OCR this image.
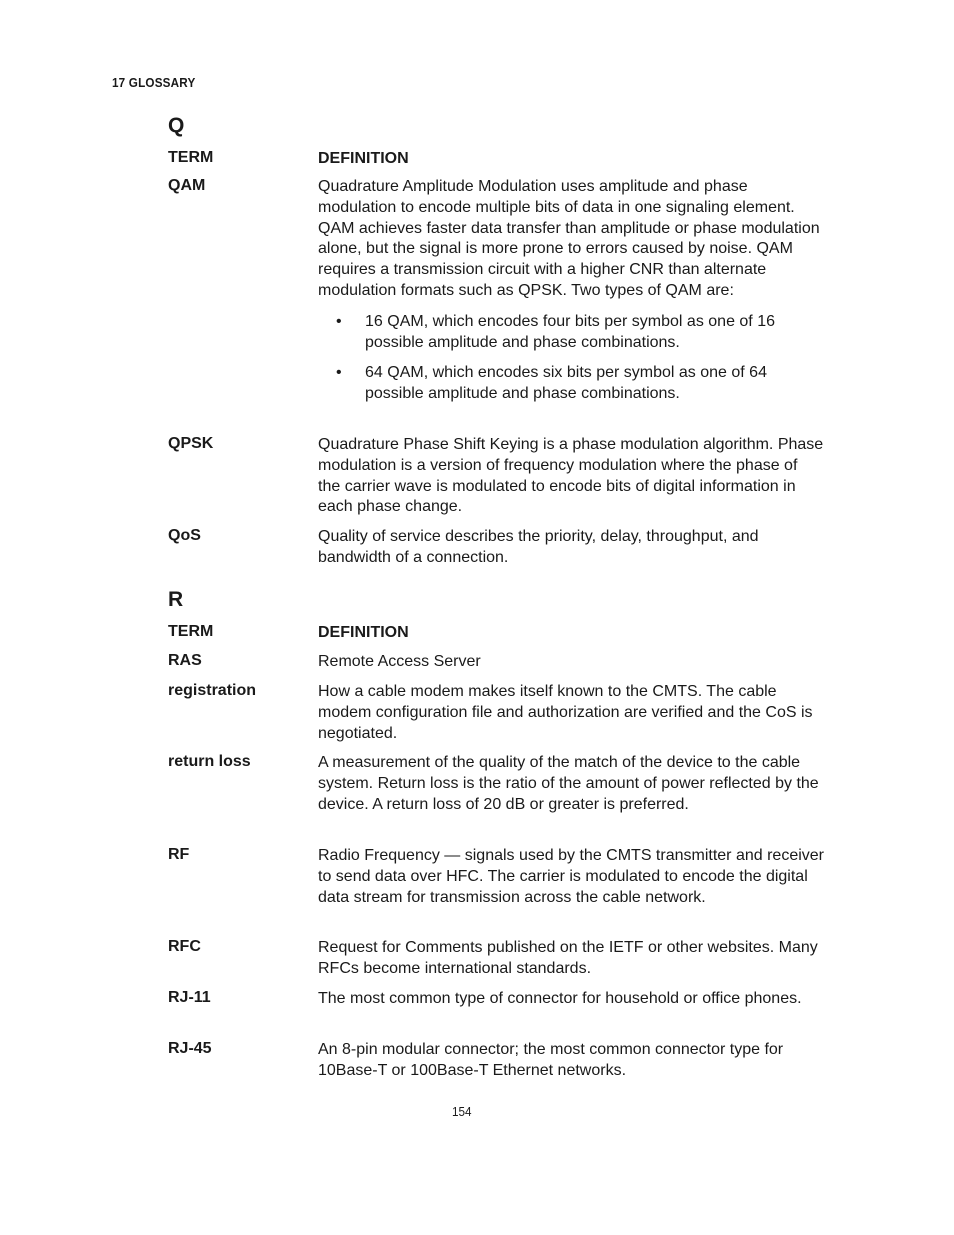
17 GLOSSARY
Q
TERM	DEFINITION
QAM	Quadrature Amplitude Modulation uses amplitude and phase modulation to encode multiple bits of data in one signaling element. QAM achieves faster data transfer than amplitude or phase modulation alone, but the signal is more prone to errors caused by noise. QAM requires a transmission circuit with a higher CNR than alternate modulation formats such as QPSK. Two types of QAM are:

• 16 QAM, which encodes four bits per symbol as one of 16 possible amplitude and phase combinations.
• 64 QAM, which encodes six bits per symbol as one of 64 possible amplitude and phase combinations.
QPSK	Quadrature Phase Shift Keying is a phase modulation algorithm. Phase modulation is a version of frequency modulation where the phase of the carrier wave is modulated to encode bits of digital information in each phase change.
QoS	Quality of service describes the priority, delay, throughput, and bandwidth of a connection.
R
TERM	DEFINITION
RAS	Remote Access Server
registration	How a cable modem makes itself known to the CMTS. The cable modem configuration file and authorization are verified and the CoS is negotiated.
return loss	A measurement of the quality of the match of the device to the cable system. Return loss is the ratio of the amount of power reflected by the device. A return loss of 20 dB or greater is preferred.
RF	Radio Frequency — signals used by the CMTS transmitter and receiver to send data over HFC. The carrier is modulated to encode the digital data stream for transmission across the cable network.
RFC	Request for Comments published on the IETF or other websites. Many RFCs become international standards.
RJ-11	The most common type of connector for household or office phones.
RJ-45	An 8-pin modular connector; the most common connector type for 10Base-T or 100Base-T Ethernet networks.
154
